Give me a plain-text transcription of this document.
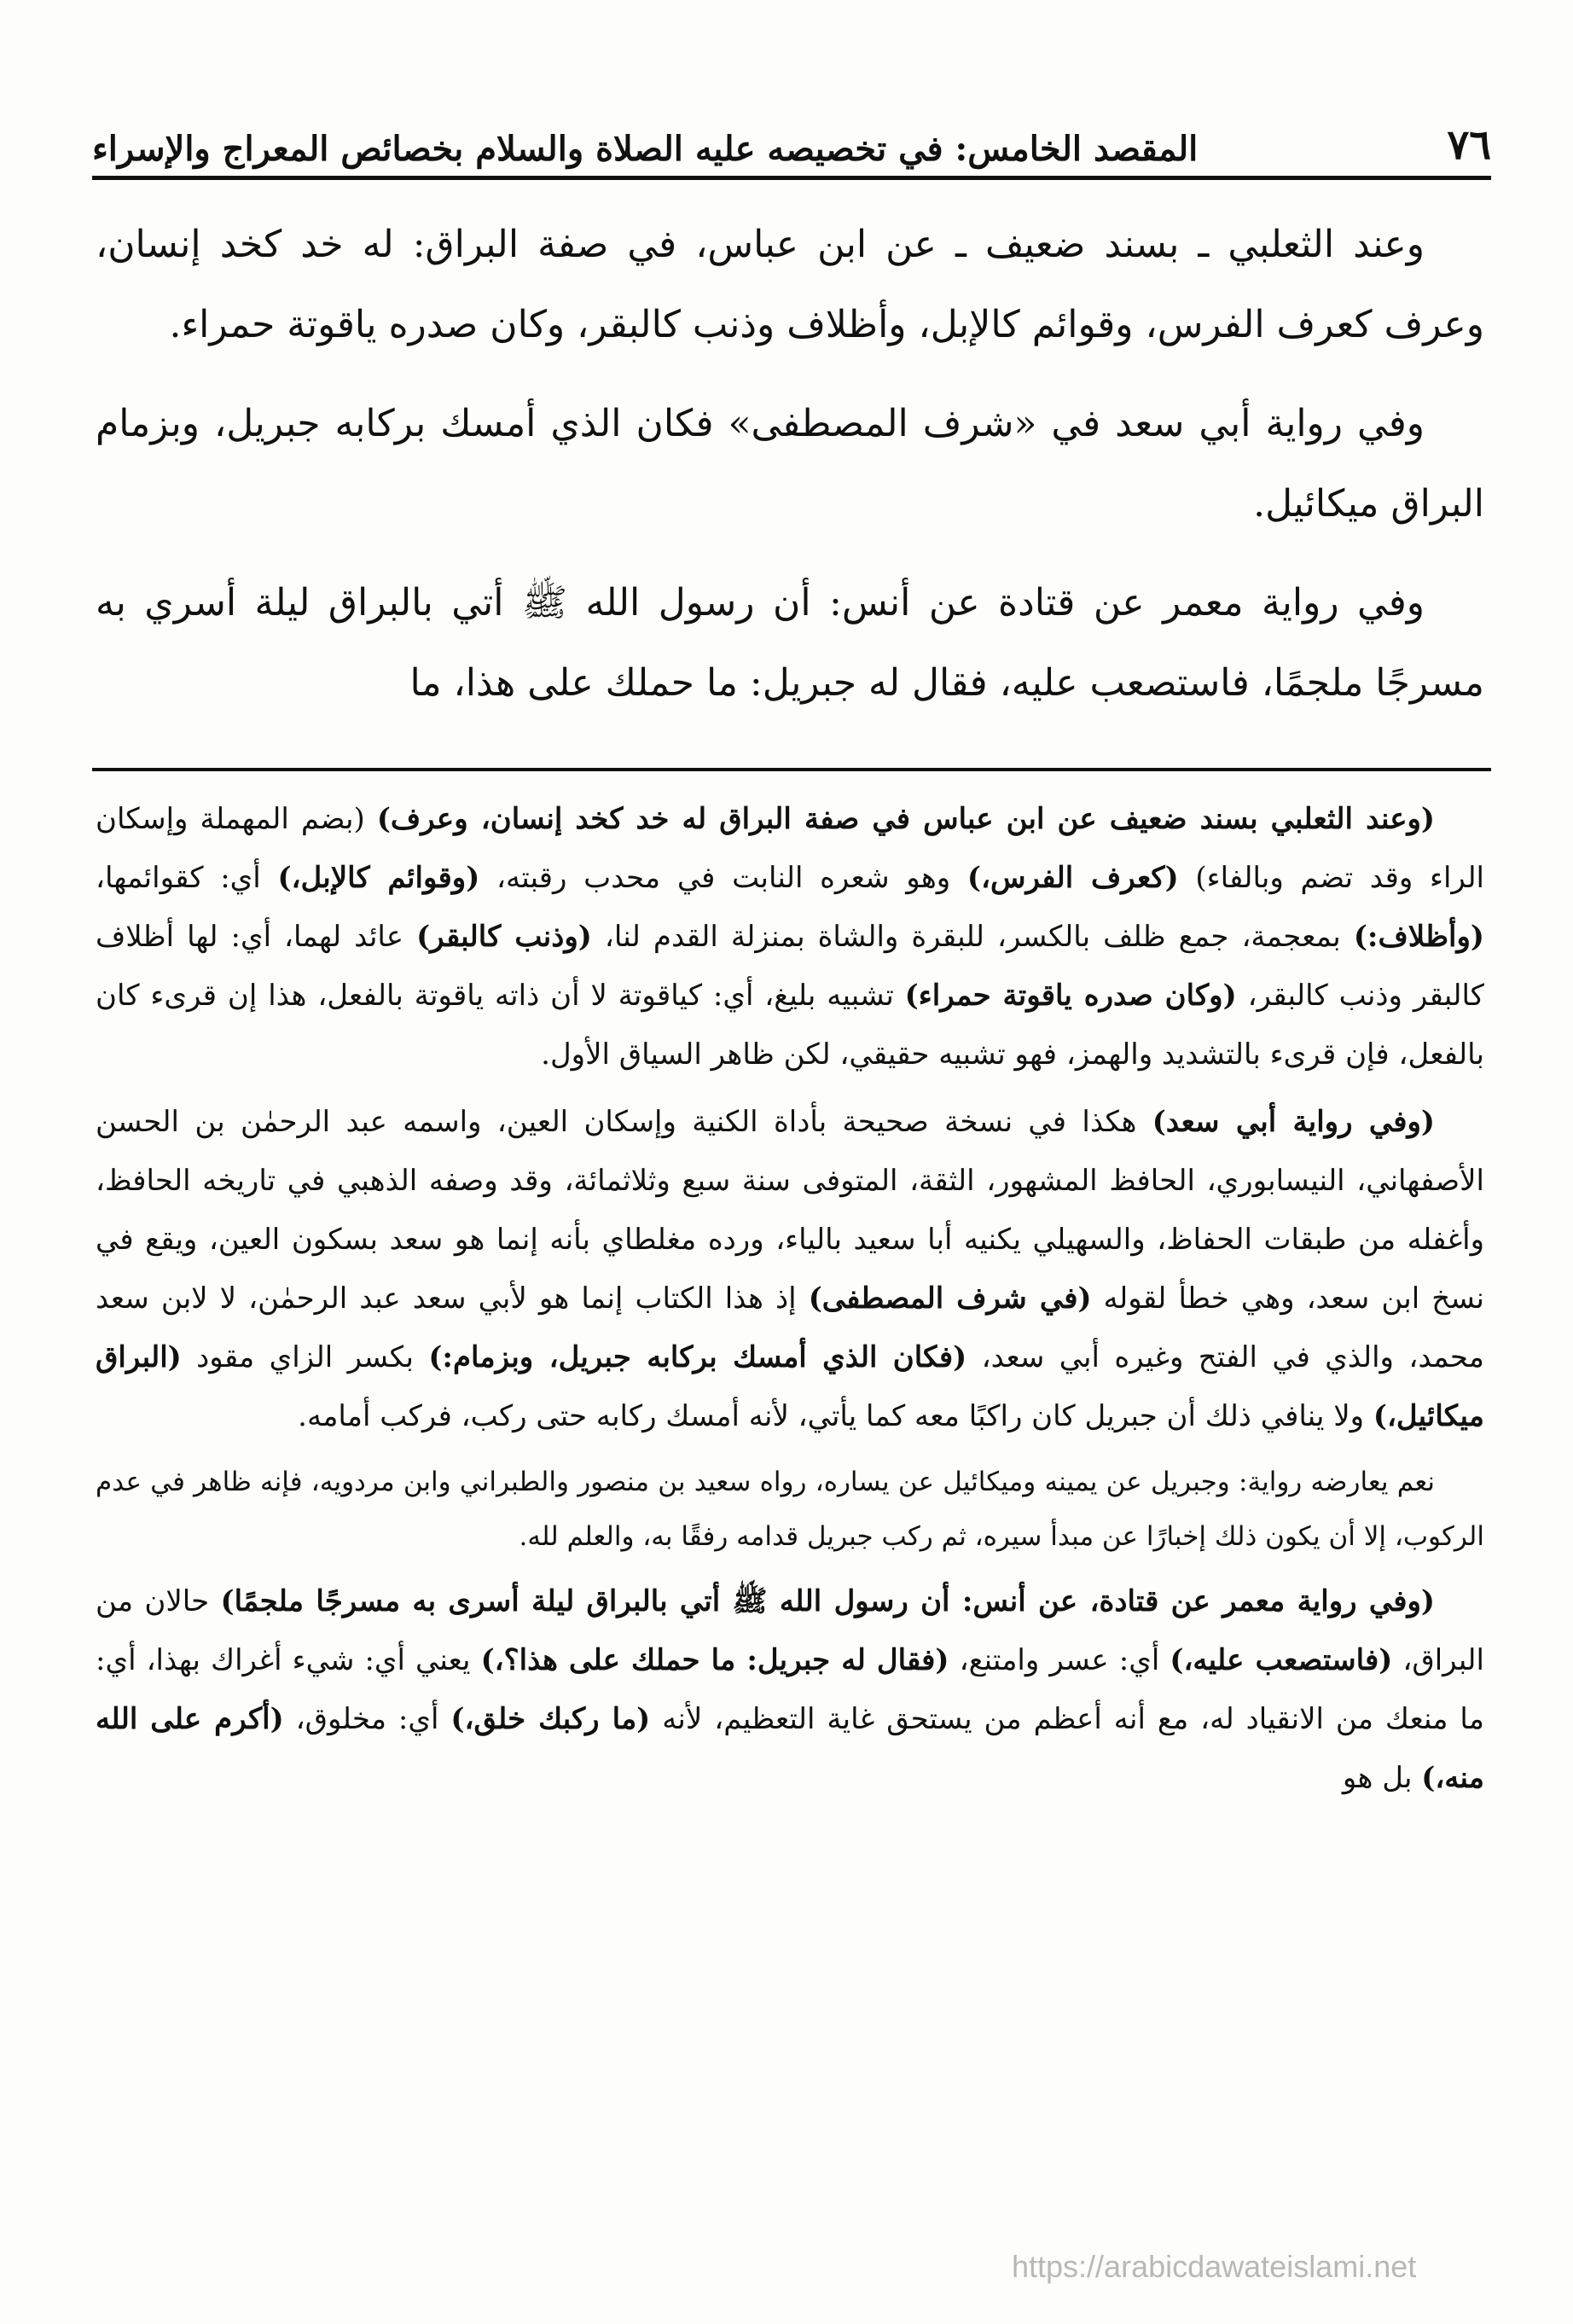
٧٦
المقصد الخامس: في تخصيصه عليه الصلاة والسلام بخصائص المعراج والإسراء

وعند الثعلبي ـ بسند ضعيف ـ عن ابن عباس، في صفة البراق: له خد كخد إنسان، وعرف كعرف الفرس، وقوائم كالإبل، وأظلاف وذنب كالبقر، وكان صدره ياقوتة حمراء.

وفي رواية أبي سعد في «شرف المصطفى» فكان الذي أمسك بركابه جبريل، وبزمام البراق ميكائيل.

وفي رواية معمر عن قتادة عن أنس: أن رسول الله ﷺ أتي بالبراق ليلة أسري به مسرجًا ملجمًا، فاستصعب عليه، فقال له جبريل: ما حملك على هذا، ما

(وعند الثعلبي بسند ضعيف عن ابن عباس في صفة البراق له خد كخد إنسان، وعرف) (بضم المهملة وإسكان الراء وقد تضم وبالفاء) (كعرف الفرس،) وهو شعره النابت في محدب رقبته، (وقوائم كالإبل،) أي: كقوائمها، (وأظلاف:) بمعجمة، جمع ظلف بالكسر، للبقرة والشاة بمنزلة القدم لنا، (وذنب كالبقر) عائد لهما، أي: لها أظلاف كالبقر وذنب كالبقر، (وكان صدره ياقوتة حمراء) تشبيه بليغ، أي: كياقوتة لا أن ذاته ياقوتة بالفعل، هذا إن قرىء كان بالفعل، فإن قرىء بالتشديد والهمز، فهو تشبيه حقيقي، لكن ظاهر السياق الأول.

(وفي رواية أبي سعد) هكذا في نسخة صحيحة بأداة الكنية وإسكان العين، واسمه عبد الرحمٰن بن الحسن الأصفهاني، النيسابوري، الحافظ المشهور، الثقة، المتوفى سنة سبع وثلاثمائة، وقد وصفه الذهبي في تاريخه الحافظ، وأغفله من طبقات الحفاظ، والسهيلي يكنيه أبا سعيد بالياء، ورده مغلطاي بأنه إنما هو سعد بسكون العين، ويقع في نسخ ابن سعد، وهي خطأ لقوله (في شرف المصطفى) إذ هذا الكتاب إنما هو لأبي سعد عبد الرحمٰن، لا لابن سعد محمد، والذي في الفتح وغيره أبي سعد، (فكان الذي أمسك بركابه جبريل، وبزمام:) بكسر الزاي مقود (البراق ميكائيل،) ولا ينافي ذلك أن جبريل كان راكبًا معه كما يأتي، لأنه أمسك ركابه حتى ركب، فركب أمامه.

نعم يعارضه رواية: وجبريل عن يمينه وميكائيل عن يساره، رواه سعيد بن منصور والطبراني وابن مردويه، فإنه ظاهر في عدم الركوب، إلا أن يكون ذلك إخبارًا عن مبدأ سيره، ثم ركب جبريل قدامه رفقًا به، والعلم لله.

(وفي رواية معمر عن قتادة، عن أنس: أن رسول الله ﷺ أتي بالبراق ليلة أسرى به مسرجًا ملجمًا) حالان من البراق، (فاستصعب عليه،) أي: عسر وامتنع، (فقال له جبريل: ما حملك على هذا؟،) يعني أي: شيء أغراك بهذا، أي: ما منعك من الانقياد له، مع أنه أعظم من يستحق غاية التعظيم، لأنه (ما ركبك خلق،) أي: مخلوق، (أكرم على الله منه،) بل هو

https://arabicdawateislami.net
